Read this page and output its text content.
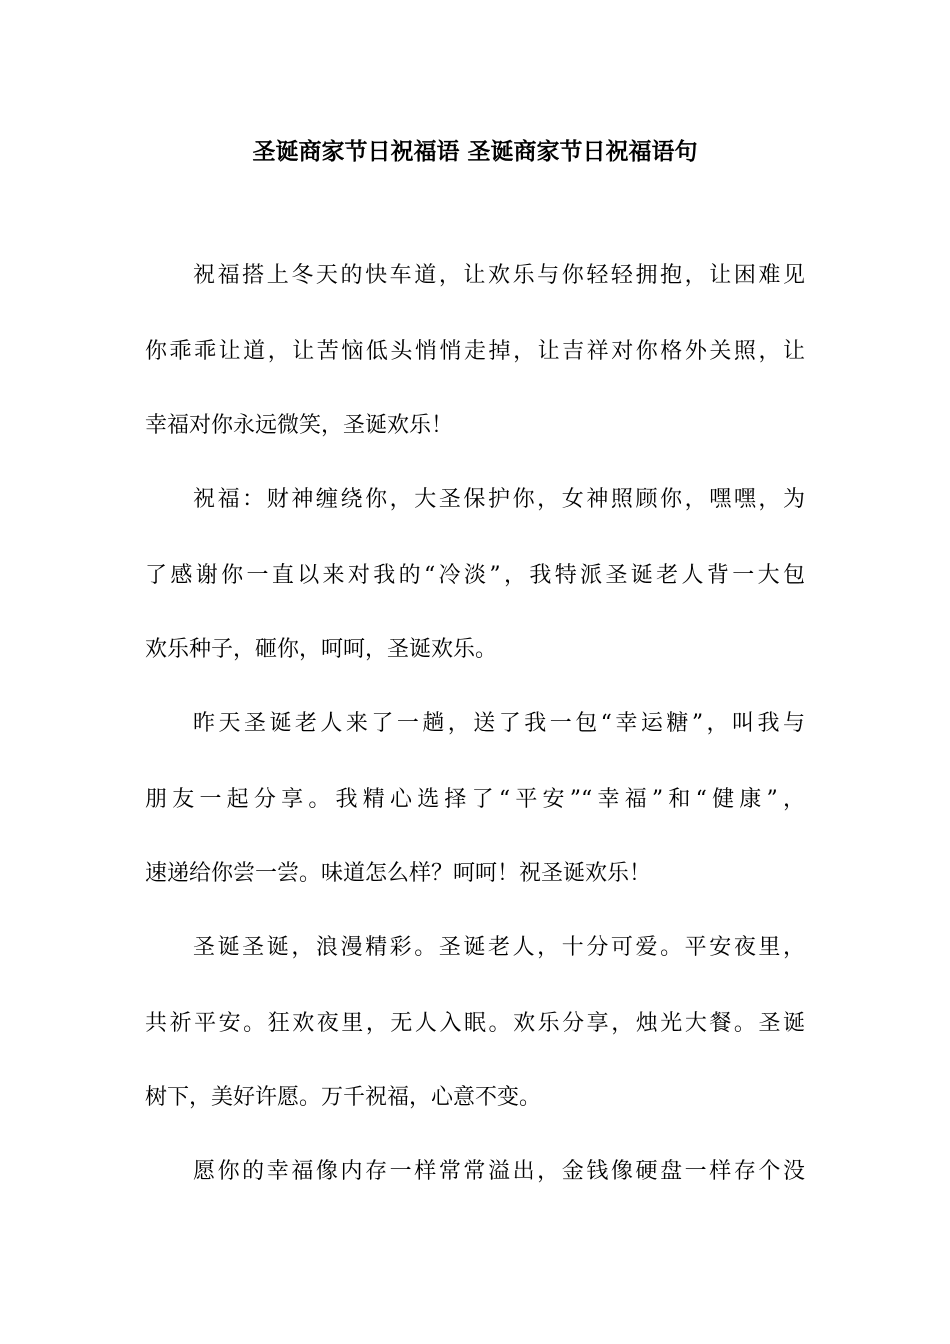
圣诞商家节日祝福语 圣诞商家节日祝福语句
祝福搭上冬天的快车道，让欢乐与你轻轻拥抱，让困难见
你乖乖让道，让苦恼低头悄悄走掉，让吉祥对你格外关照，让
幸福对你永远微笑，圣诞欢乐！
祝福：财神缠绕你，大圣保护你，女神照顾你，嘿嘿，为
了感谢你一直以来对我的“冷淡”，我特派圣诞老人背一大包
欢乐种子，砸你，呵呵，圣诞欢乐。
昨天圣诞老人来了一趟，送了我一包“幸运糖”，叫我与
朋友一起分享。我精心选择了“平安”“幸福”和“健康”，
速递给你尝一尝。味道怎么样？呵呵！祝圣诞欢乐！
圣诞圣诞，浪漫精彩。圣诞老人，十分可爱。平安夜里，
共祈平安。狂欢夜里，无人入眠。欢乐分享，烛光大餐。圣诞
树下，美好许愿。万千祝福，心意不变。
愿你的幸福像内存一样常常溢出，金钱像硬盘一样存个没
